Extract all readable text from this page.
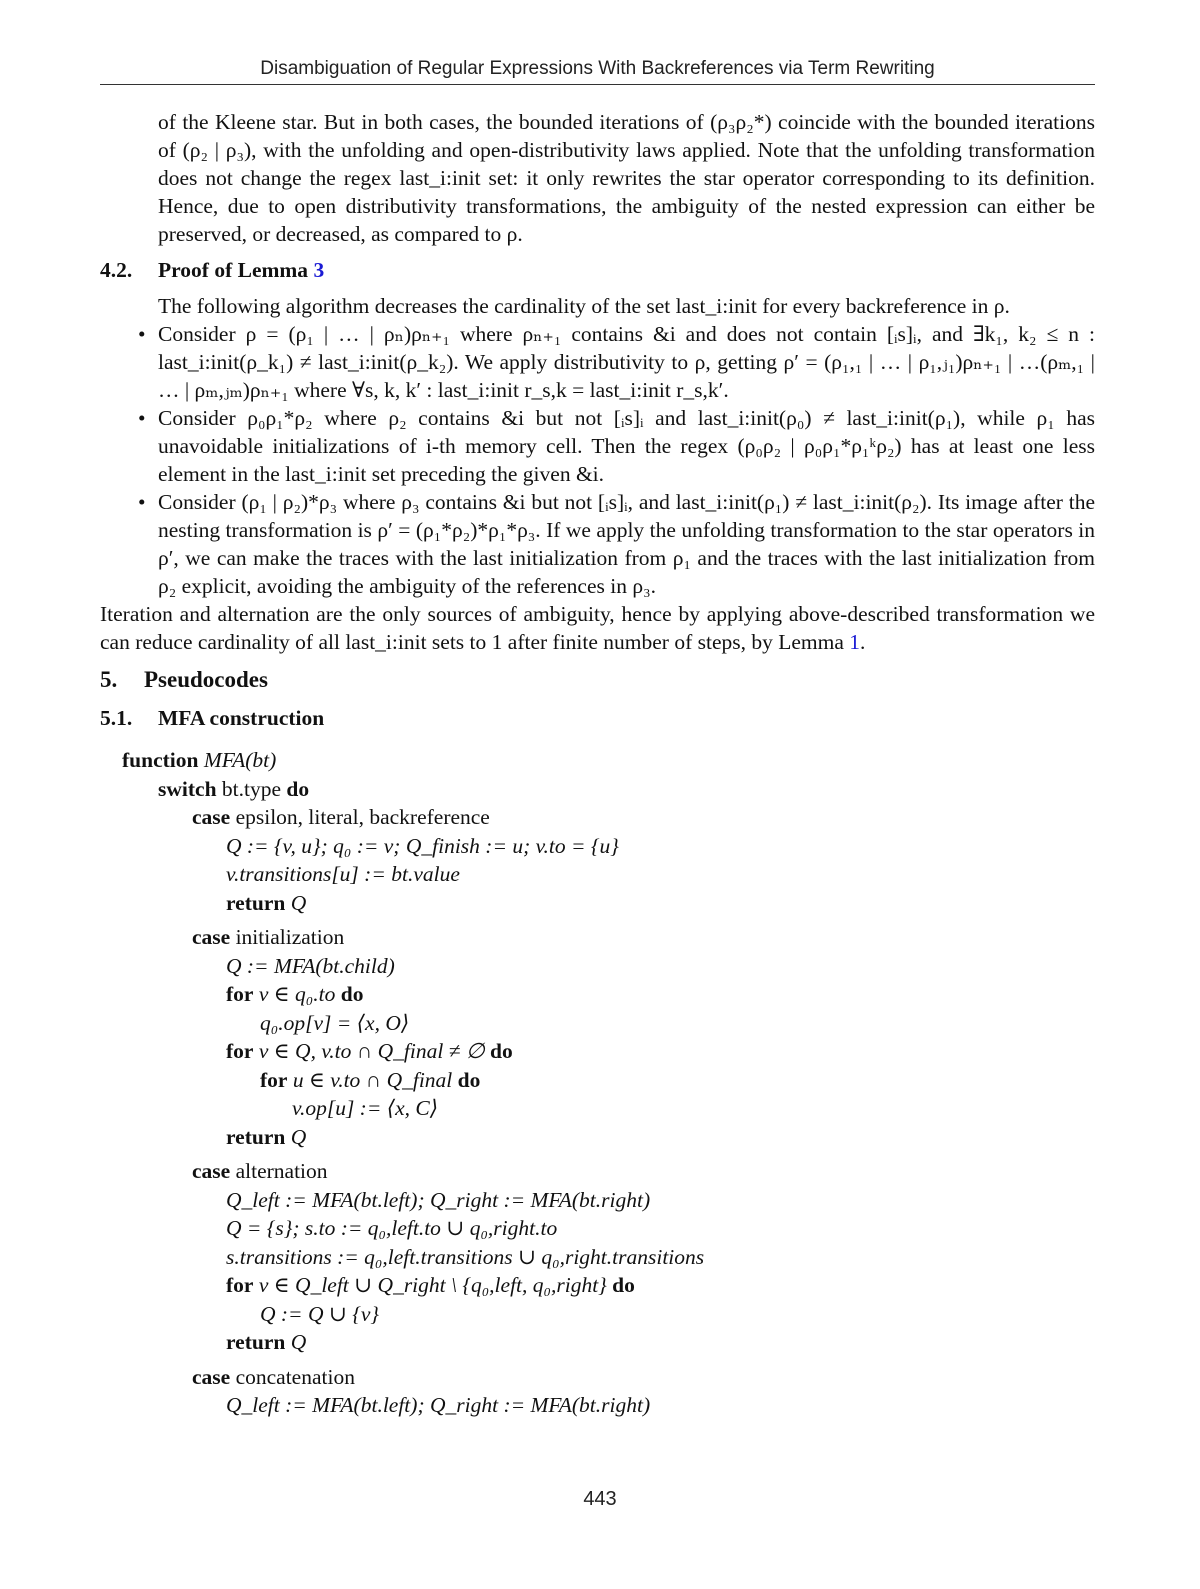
Disambiguation of Regular Expressions With Backreferences via Term Rewriting

of the Kleene star. But in both cases, the bounded iterations of (ρ₃ρ₂*) coincide with the bounded iterations of (ρ₂ | ρ₃), with the unfolding and open-distributivity laws applied. Note that the unfolding transformation does not change the regex last_i:init set: it only rewrites the star operator corresponding to its definition. Hence, due to open distributivity transformations, the ambiguity of the nested expression can either be preserved, or decreased, as compared to ρ.

4.2. Proof of Lemma 3

The following algorithm decreases the cardinality of the set last_i:init for every backreference in ρ.

• Consider ρ = (ρ₁ | … | ρₙ)ρₙ₊₁ where ρₙ₊₁ contains &i and does not contain [ᵢs]ᵢ, and ∃k₁, k₂ ≤ n : last_i:init(ρ_k₁) ≠ last_i:init(ρ_k₂). We apply distributivity to ρ, getting ρ′ = (ρ₁,₁ | … | ρ₁,ⱼ₁)ρₙ₊₁ | …(ρₘ,₁ | … | ρₘ,ⱼₘ)ρₙ₊₁ where ∀s, k, k′ : last_i:init r_s,k = last_i:init r_s,k′.
• Consider ρ₀ρ₁*ρ₂ where ρ₂ contains &i but not [ᵢs]ᵢ and last_i:init(ρ₀) ≠ last_i:init(ρ₁), while ρ₁ has unavoidable initializations of i-th memory cell. Then the regex (ρ₀ρ₂ | ρ₀ρ₁*ρ₁ᵏρ₂) has at least one less element in the last_i:init set preceding the given &i.
• Consider (ρ₁ | ρ₂)*ρ₃ where ρ₃ contains &i but not [ᵢs]ᵢ, and last_i:init(ρ₁) ≠ last_i:init(ρ₂). Its image after the nesting transformation is ρ′ = (ρ₁*ρ₂)*ρ₁*ρ₃. If we apply the unfolding transformation to the star operators in ρ′, we can make the traces with the last initialization from ρ₁ and the traces with the last initialization from ρ₂ explicit, avoiding the ambiguity of the references in ρ₃.

Iteration and alternation are the only sources of ambiguity, hence by applying above-described transformation we can reduce cardinality of all last_i:init sets to 1 after finite number of steps, by Lemma 1.

5. Pseudocodes
5.1. MFA construction
function MFA(bt)
switch bt.type do
case epsilon, literal, backreference
Q := {v, u}; q₀ := v; Q_finish := u; v.to = {u}
v.transitions[u] := bt.value
return Q
case initialization
Q := MFA(bt.child)
for v ∈ q₀.to do
q₀.op[v] = ⟨x, O⟩
for v ∈ Q, v.to ∩ Q_final ≠ ∅ do
for u ∈ v.to ∩ Q_final do
v.op[u] := ⟨x, C⟩
return Q
case alternation
Q_left := MFA(bt.left); Q_right := MFA(bt.right)
Q = {s}; s.to := q₀,left.to ∪ q₀,right.to
s.transitions := q₀,left.transitions ∪ q₀,right.transitions
for v ∈ Q_left ∪ Q_right \ {q₀,left, q₀,right} do
Q := Q ∪ {v}
return Q
case concatenation
Q_left := MFA(bt.left); Q_right := MFA(bt.right)
443
